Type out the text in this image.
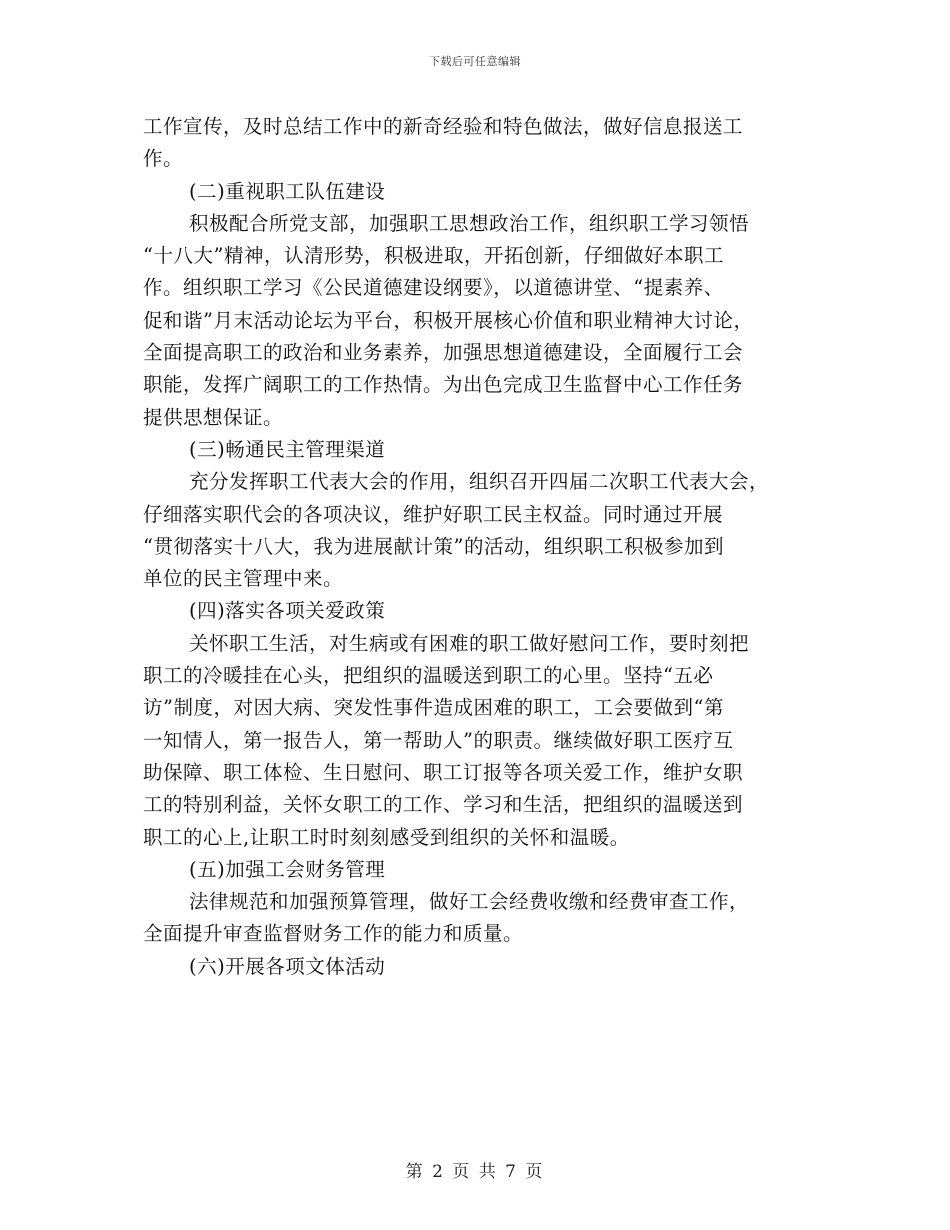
下载后可任意编辑
工作宣传，及时总结工作中的新奇经验和特色做法，做好信息报送工
作。
(二)重视职工队伍建设
积极配合所党支部，加强职工思想政治工作，组织职工学习领悟
“十八大”精神，认清形势，积极进取，开拓创新，仔细做好本职工
作。组织职工学习《公民道德建设纲要》，以道德讲堂、“提素养、
促和谐”月末活动论坛为平台，积极开展核心价值和职业精神大讨论，
全面提高职工的政治和业务素养，加强思想道德建设，全面履行工会
职能，发挥广阔职工的工作热情。为出色完成卫生监督中心工作任务
提供思想保证。
(三)畅通民主管理渠道
充分发挥职工代表大会的作用，组织召开四届二次职工代表大会，
仔细落实职代会的各项决议，维护好职工民主权益。同时通过开展
“贯彻落实十八大，我为进展献计策”的活动，组织职工积极参加到
单位的民主管理中来。
(四)落实各项关爱政策
关怀职工生活，对生病或有困难的职工做好慰问工作，要时刻把
职工的冷暖挂在心头，把组织的温暖送到职工的心里。坚持“五必
访”制度，对因大病、突发性事件造成困难的职工，工会要做到“第
一知情人，第一报告人，第一帮助人”的职责。继续做好职工医疗互
助保障、职工体检、生日慰问、职工订报等各项关爱工作，维护女职
工的特别利益，关怀女职工的工作、学习和生活，把组织的温暖送到
职工的心上,让职工时时刻刻感受到组织的关怀和温暖。
(五)加强工会财务管理
法律规范和加强预算管理，做好工会经费收缴和经费审查工作，
全面提升审查监督财务工作的能力和质量。
(六)开展各项文体活动
第 2 页 共 7 页
